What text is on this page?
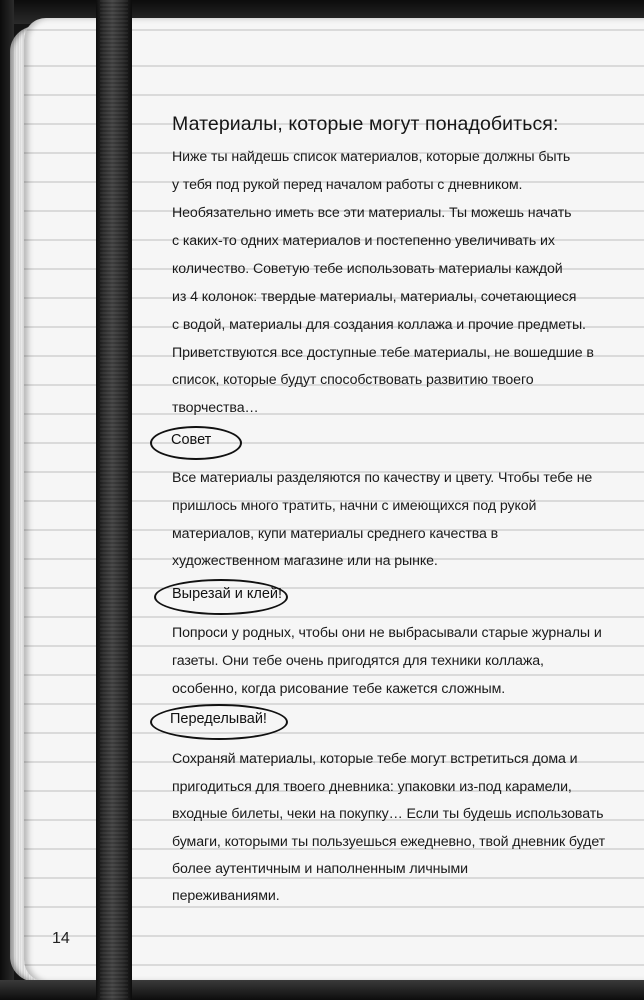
Материалы, которые могут понадобиться:
Ниже ты найдешь список материалов, которые должны быть
у тебя под рукой перед началом работы с дневником.
Необязательно иметь все эти материалы. Ты можешь начать
с каких-то одних материалов и постепенно увеличивать их
количество. Советую тебе использовать материалы каждой
из 4 колонок: твердые материалы, материалы, сочетающиеся
с водой, материалы для создания коллажа и прочие предметы.
Приветствуются все доступные тебе материалы, не вошедшие в
список, которые будут способствовать развитию твоего
творчества…
Совет
Все материалы разделяются по качеству и цвету. Чтобы тебе не
пришлось много тратить, начни с имеющихся под рукой
материалов, купи материалы среднего качества в
художественном магазине или на рынке.
Вырезай и клей!
Попроси у родных, чтобы они не выбрасывали старые журналы и
газеты. Они тебе очень пригодятся для техники коллажа,
особенно, когда рисование тебе кажется сложным.
Переделывай!
Сохраняй материалы, которые тебе могут встретиться дома и
пригодиться для твоего дневника: упаковки из-под карамели,
входные билеты, чеки на покупку… Если ты будешь использовать
бумаги, которыми ты пользуешься ежедневно, твой дневник будет
более аутентичным и наполненным личными
переживаниями.
14
